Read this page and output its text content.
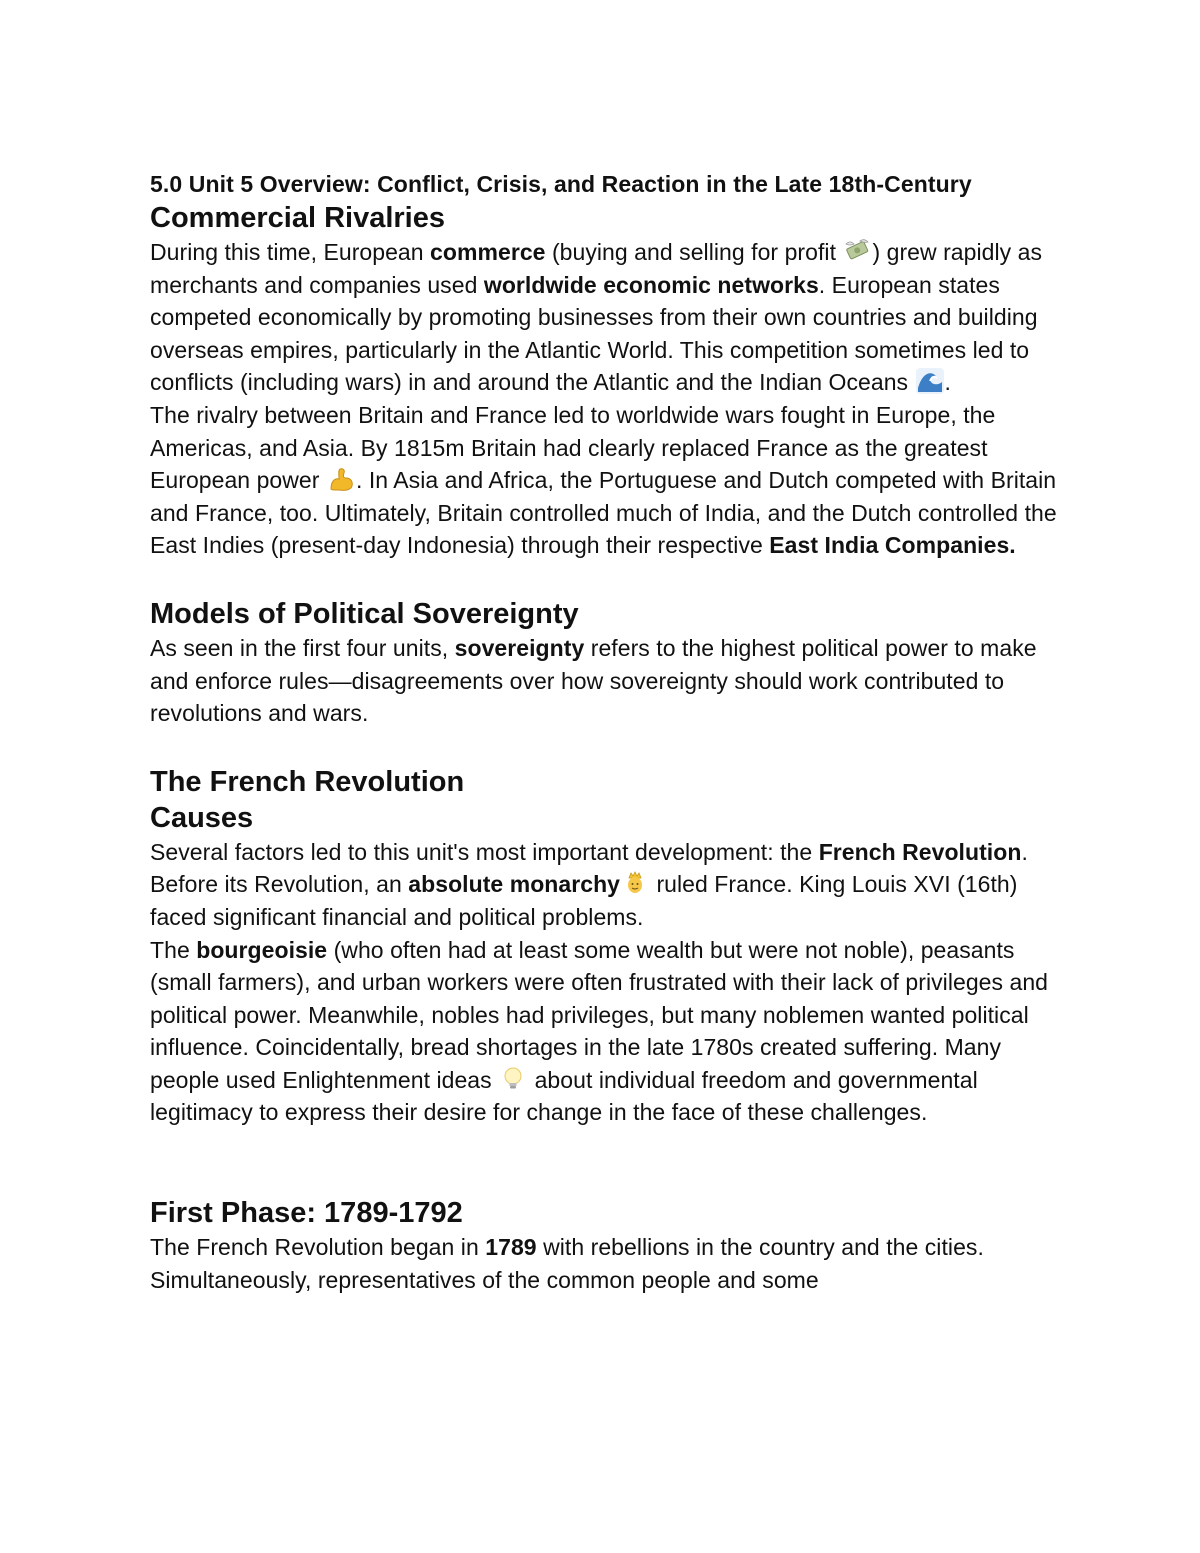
5.0 Unit 5 Overview: Conflict, Crisis, and Reaction in the Late 18th-Century
Commercial Rivalries

During this time, European commerce (buying and selling for profit
) grew rapidly as merchants and companies used worldwide economic networks. European states competed economically by promoting businesses from their own countries and building overseas empires, particularly in the Atlantic World. This competition sometimes led to conflicts (including wars) in and around the Atlantic and the Indian Oceans
.

The rivalry between Britain and France led to worldwide wars fought in Europe, the Americas, and Asia. By 1815m Britain had clearly replaced France as the greatest European power
. In Asia and Africa, the Portuguese and Dutch competed with Britain and France, too. Ultimately, Britain controlled much of India, and the Dutch controlled the East Indies (present-day Indonesia) through their respective East India Companies.

Models of Political Sovereignty

As seen in the first four units, sovereignty refers to the highest political power to make and enforce rules—disagreements over how sovereignty should work contributed to revolutions and wars.

The French Revolution
Causes

Several factors led to this unit's most important development: the French Revolution. Before its Revolution, an absolute monarchy
ruled France. King Louis XVI (16th) faced significant financial and political problems.

The bourgeoisie (who often had at least some wealth but were not noble), peasants (small farmers), and urban workers were often frustrated with their lack of privileges and political power. Meanwhile, nobles had privileges, but many noblemen wanted political influence. Coincidentally, bread shortages in the late 1780s created suffering. Many people used Enlightenment ideas
about individual freedom and governmental legitimacy to express their desire for change in the face of these challenges.

First Phase: 1789-1792

The French Revolution began in 1789 with rebellions in the country and the cities. Simultaneously, representatives of the common people and some
